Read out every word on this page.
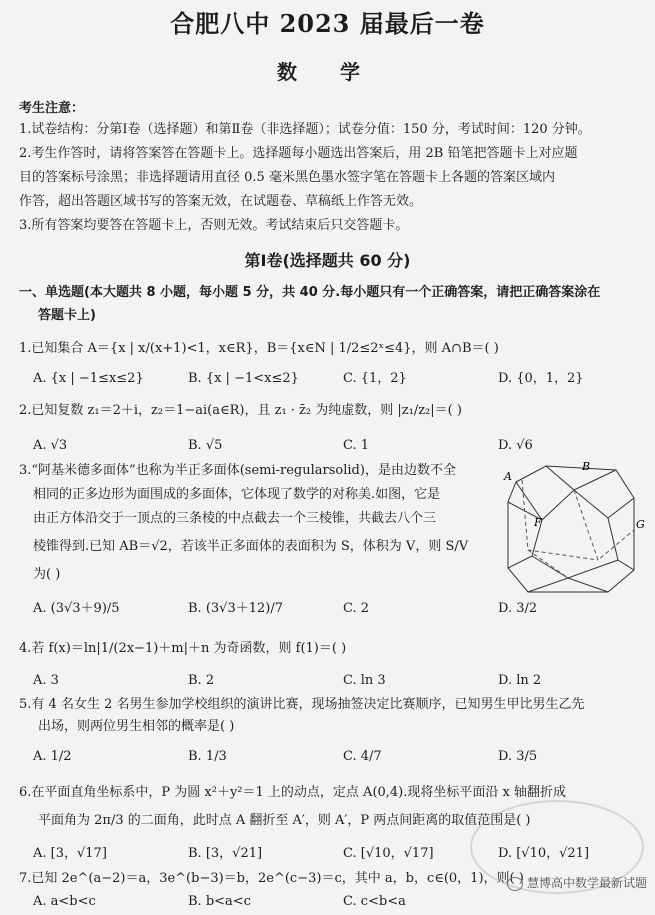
合肥八中 2023 届最后一卷
数 学
考生注意：
1.试卷结构：分第Ⅰ卷（选择题）和第Ⅱ卷（非选择题）；试卷分值：150 分，考试时间：120 分钟。
2.考生作答时，请将答案答在答题卡上。选择题每小题选出答案后，用 2B 铅笔把答题卡上对应题
目的答案标号涂黑；非选择题请用直径 0.5 毫米黑色墨水签字笔在答题卡上各题的答案区域内
作答，超出答题区域书写的答案无效，在试题卷、草稿纸上作答无效。
3.所有答案均要答在答题卡上，否则无效。考试结束后只交答题卡。
第Ⅰ卷(选择题共 60 分)
一、单选题(本大题共 8 小题，每小题 5 分，共 40 分.每小题只有一个正确答案，请把正确答案涂在
答题卡上)
1.已知集合 A＝{x | x/(x+1)<1，x∈R}，B＝{x∈N | 1/2≤2ˣ≤4}，则 A∩B＝( )
A. {x | −1≤x≤2}	B. {x | −1<x≤2}	C. {1，2}	D. {0，1，2}
2.已知复数 z₁＝2＋i，z₂＝1−ai(a∈R)，且 z₁ · z̄₂ 为纯虚数，则 |z₁/z₂|＝( )
A. √3	B. √5	C. 1	D. √6
3.“阿基米德多面体”也称为半正多面体(semi-regularsolid)，是由边数不全
相同的正多边形为面围成的多面体，它体现了数学的对称美.如图，它是
由正方体沿交于一顶点的三条棱的中点截去一个三棱锥，共截去八个三
棱锥得到.已知 AB＝√2，若该半正多面体的表面积为 S，体积为 V，则 S/V
为( )
A. (3√3＋9)/5	B. (3√3＋12)/7	C. 2	D. 3/2
A
B
F	G
4.若 f(x)＝ln|1/(2x−1)＋m|＋n 为奇函数，则 f(1)＝( )
A. 3	B. 2	C. ln 3	D. ln 2
5.有 4 名女生 2 名男生参加学校组织的演讲比赛，现场抽签决定比赛顺序，已知男生甲比男生乙先
出场，则两位男生相邻的概率是( )
A. 1/2	B. 1/3	C. 4/7	D. 3/5
6.在平面直角坐标系中，P 为圆 x²＋y²＝1 上的动点，定点 A(0,4).现将坐标平面沿 x 轴翻折成
平面角为 2π/3 的二面角，此时点 A 翻折至 A′，则 A′，P 两点间距离的取值范围是( )
A. [3，√17]	B. [3，√21]	C. [√10，√17]	D. [√10，√21]
7.已知 2e^(a−2)＝a，3e^(b−3)＝b，2e^(c−3)＝c，其中 a，b，c∈(0，1)，则( )
A. a<b<c	B. b<a<c	C. c<b<a
慧博高中数学最新试题
